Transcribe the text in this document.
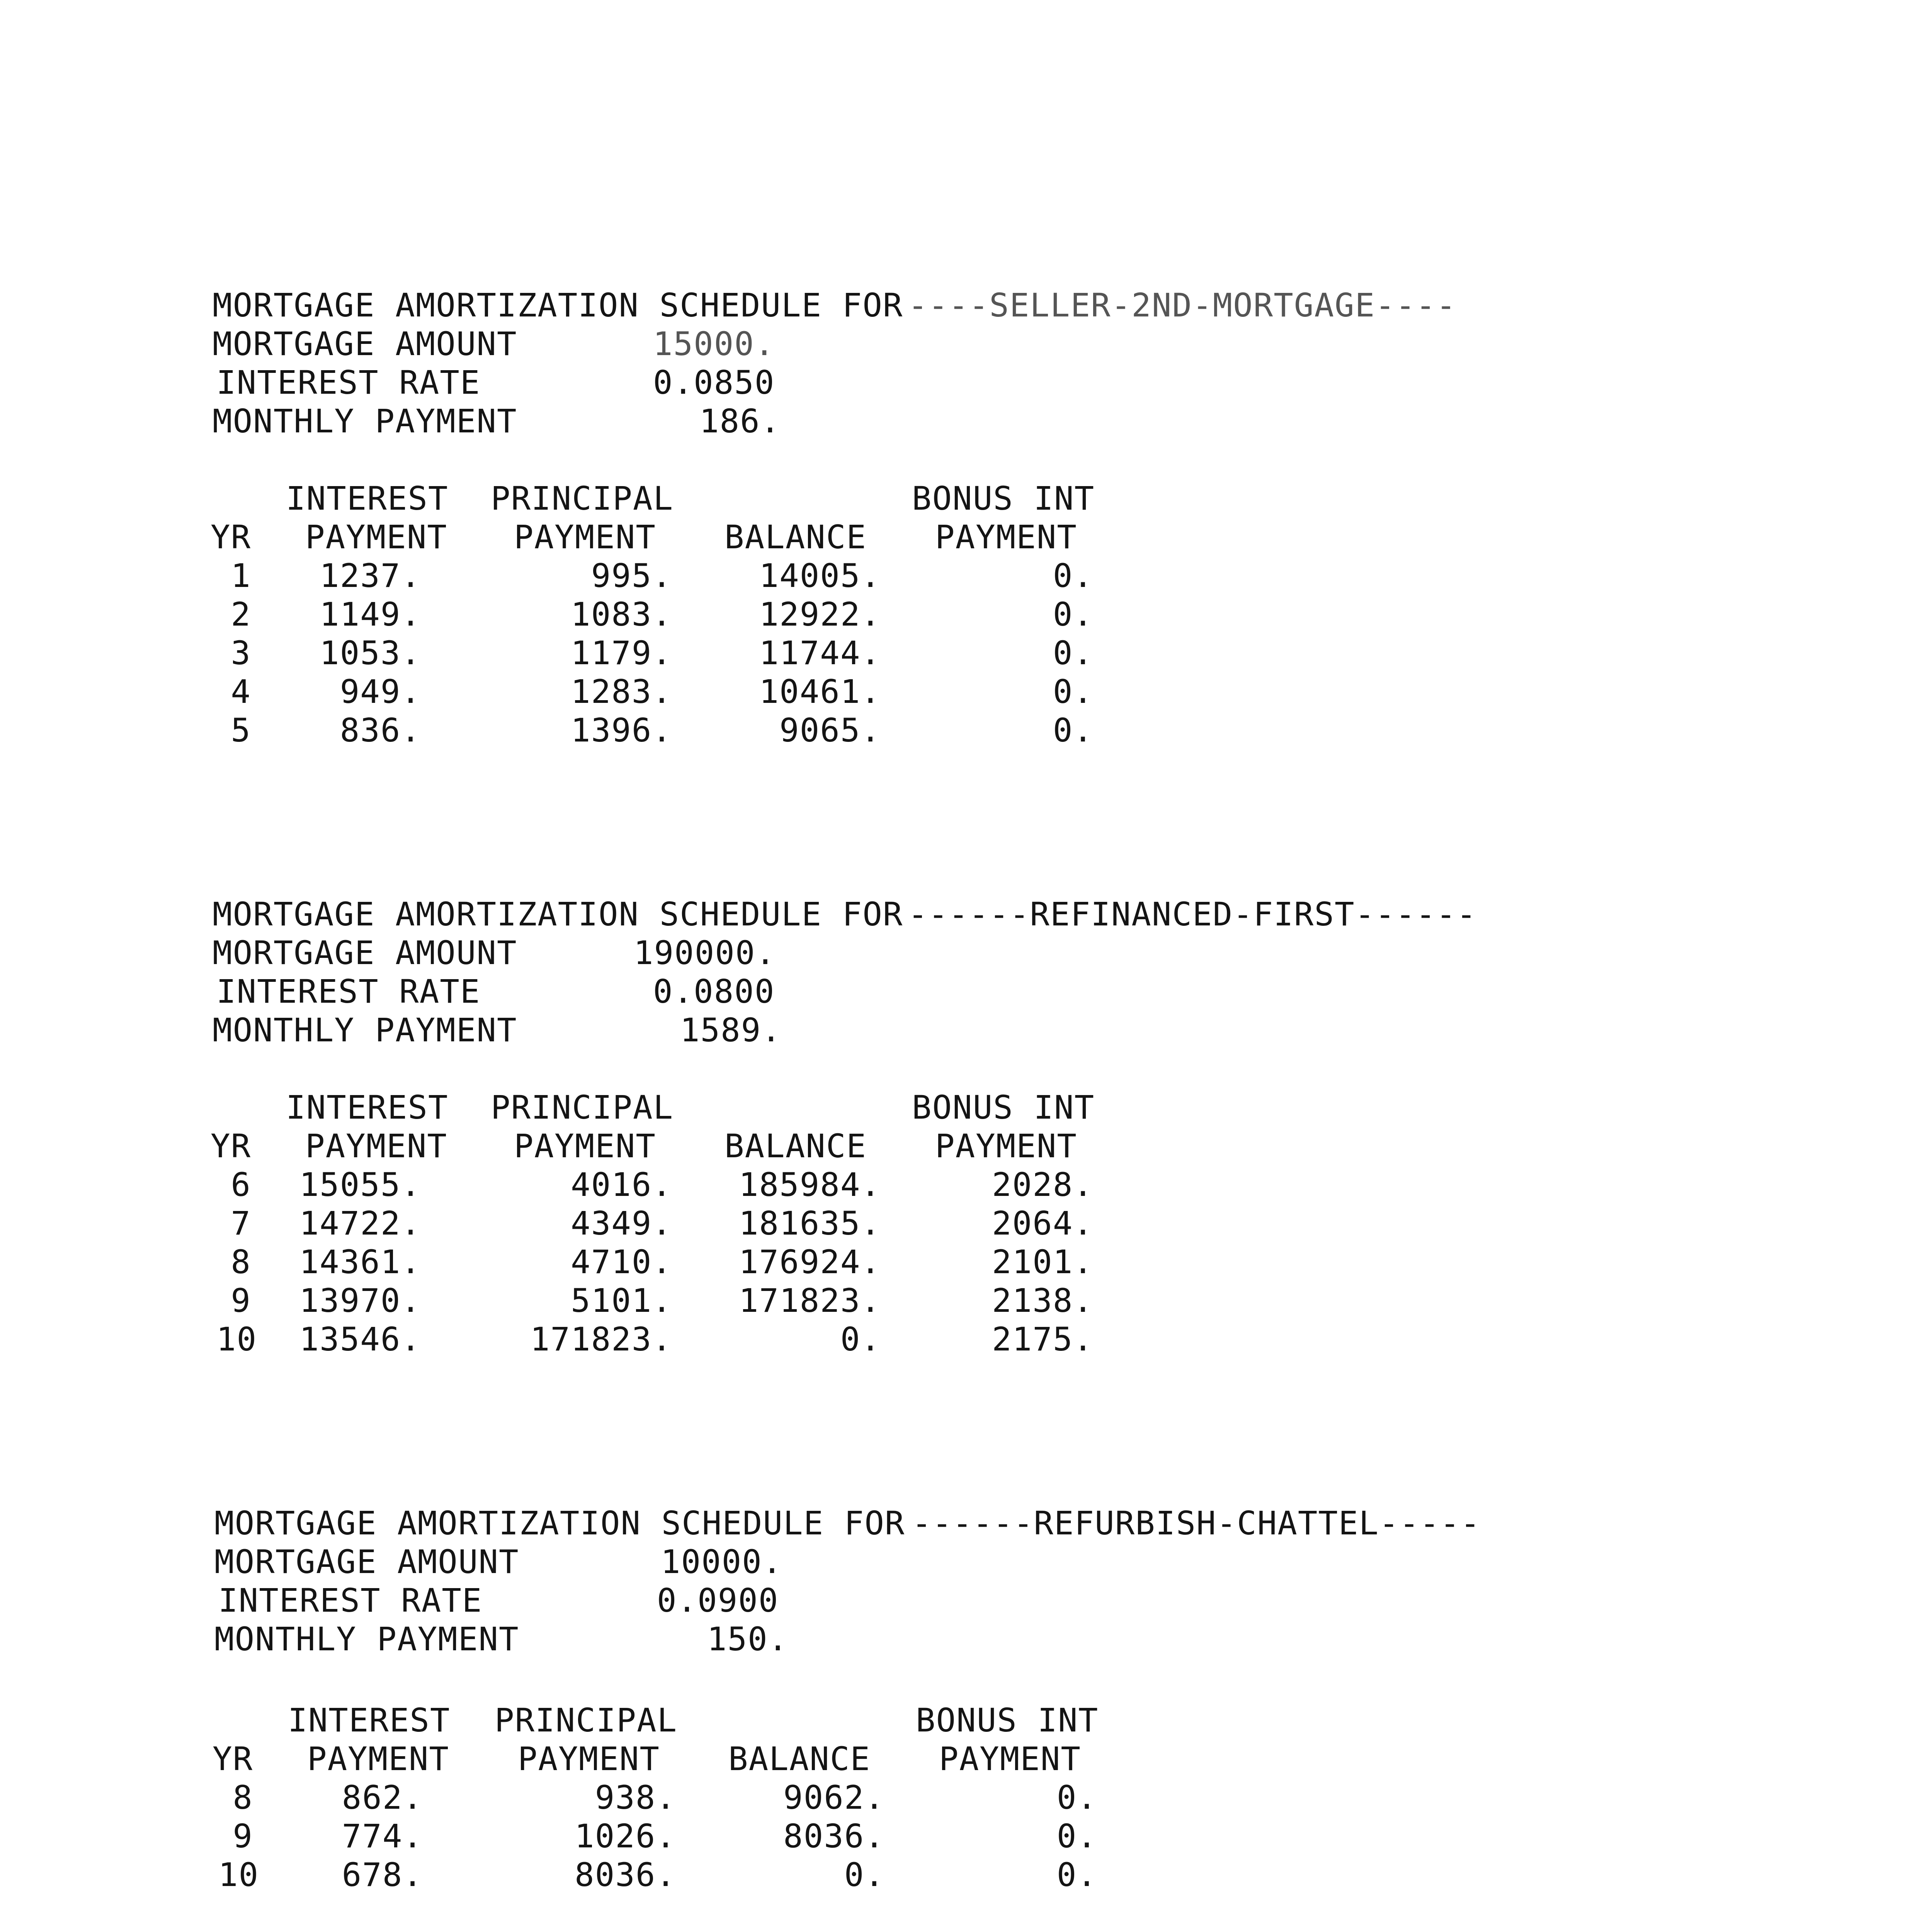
MORTGAGE AMORTIZATION SCHEDULE FOR ----SELLER-2ND-MORTGAGE----
MORTGAGE AMOUNT	15000.
INTEREST RATE	0.0850
MONTHLY PAYMENT	186.
INTEREST PRINCIPAL	BONUS INT
YR PAYMENT PAYMENT BALANCE PAYMENT
1	1237.	995.	14005.	0.
2	1149.	1083.	12922.	0.
3	1053.	1179.	11744.	0.
4	949.	1283.	10461.	0.
5	836.	1396.	9065.	0.
MORTGAGE AMORTIZATION SCHEDULE FOR ------REFINANCED-FIRST------
MORTGAGE AMOUNT	190000.
INTEREST RATE	0.0800
MONTHLY PAYMENT	1589.
INTEREST PRINCIPAL	BONUS INT
YR PAYMENT PAYMENT BALANCE PAYMENT
6 15055.	4016.	185984.	2028.
7 14722.	4349.	181635.	2064.
8 14361.	4710.	176924.	2101.
9 13970.	5101.	171823.	2138.
10 13546.	171823.	0.	2175.
MORTGAGE AMORTIZATION SCHEDULE FOR ------REFURBISH-CHATTEL-----
MORTGAGE AMOUNT	10000.
INTEREST RATE	0.0900
MONTHLY PAYMENT	150.
INTEREST PRINCIPAL	BONUS INT
YR PAYMENT PAYMENT BALANCE PAYMENT
8	862.	938.	9062.	0.
9	774.	1026.	8036.	0.
10	678.	8036.	0.	0.
